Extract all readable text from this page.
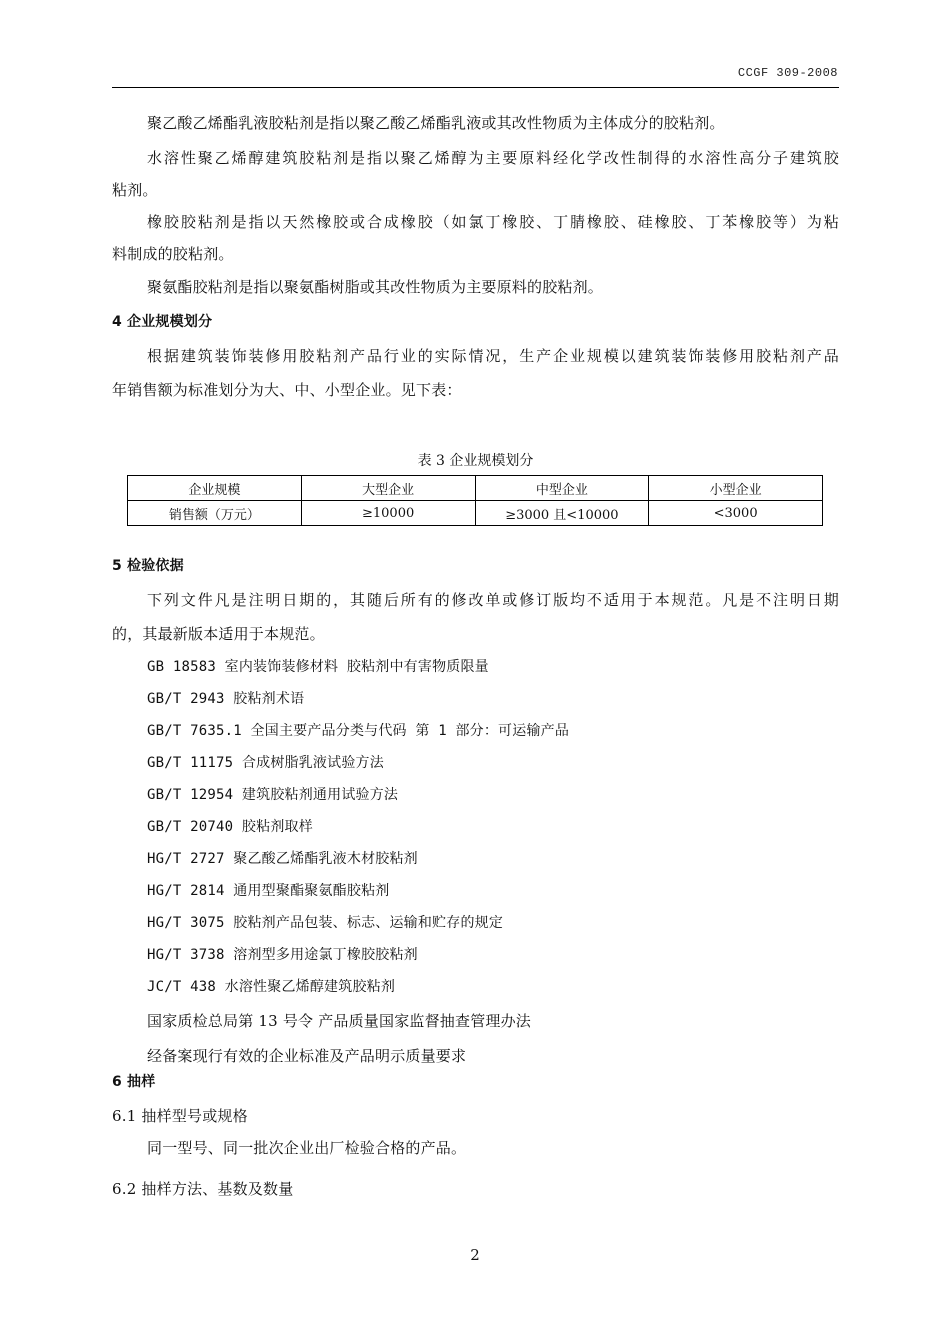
CCGF 309-2008
聚乙酸乙烯酯乳液胶粘剂是指以聚乙酸乙烯酯乳液或其改性物质为主体成分的胶粘剂。
水溶性聚乙烯醇建筑胶粘剂是指以聚乙烯醇为主要原料经化学改性制得的水溶性高分子建筑胶
粘剂。
橡胶胶粘剂是指以天然橡胶或合成橡胶（如氯丁橡胶、丁腈橡胶、硅橡胶、丁苯橡胶等）为粘
料制成的胶粘剂。
聚氨酯胶粘剂是指以聚氨酯树脂或其改性物质为主要原料的胶粘剂。
4 企业规模划分
根据建筑装饰装修用胶粘剂产品行业的实际情况，生产企业规模以建筑装饰装修用胶粘剂产品
年销售额为标准划分为大、中、小型企业。见下表：
表 3 企业规模划分
企业规模	大型企业	中型企业	小型企业
销售额（万元）	≥10000	≥3000 且<10000	<3000
5 检验依据
下列文件凡是注明日期的，其随后所有的修改单或修订版均不适用于本规范。凡是不注明日期
的，其最新版本适用于本规范。
GB 18583 室内装饰装修材料 胶粘剂中有害物质限量
GB/T 2943 胶粘剂术语
GB/T 7635.1 全国主要产品分类与代码 第 1 部分：可运输产品
GB/T 11175 合成树脂乳液试验方法
GB/T 12954 建筑胶粘剂通用试验方法
GB/T 20740 胶粘剂取样
HG/T 2727 聚乙酸乙烯酯乳液木材胶粘剂
HG/T 2814 通用型聚酯聚氨酯胶粘剂
HG/T 3075 胶粘剂产品包装、标志、运输和贮存的规定
HG/T 3738 溶剂型多用途氯丁橡胶胶粘剂
JC/T 438 水溶性聚乙烯醇建筑胶粘剂
国家质检总局第 13 号令 产品质量国家监督抽查管理办法
经备案现行有效的企业标准及产品明示质量要求
6 抽样
6.1 抽样型号或规格
同一型号、同一批次企业出厂检验合格的产品。
6.2 抽样方法、基数及数量
2
